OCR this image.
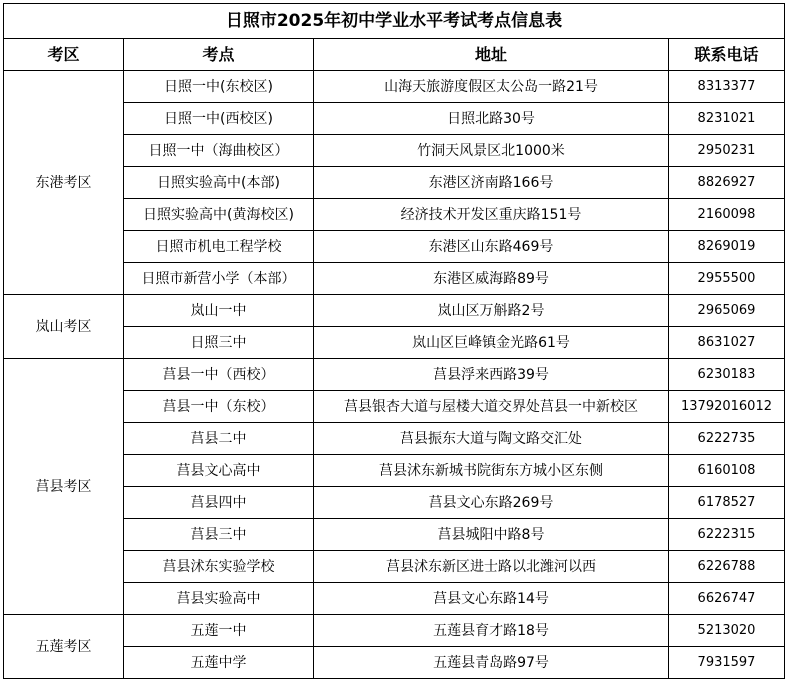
日照市2025年初中学业水平考试考点信息表			
考区	考点	地址	联系电话
东港考区	日照一中(东校区)	山海天旅游度假区太公岛一路21号	8313377
	日照一中(西校区)	日照北路30号	8231021
	日照一中（海曲校区）	竹洞天风景区北1000米	2950231
	日照实验高中(本部)	东港区济南路166号	8826927
	日照实验高中(黄海校区)	经济技术开发区重庆路151号	2160098
	日照市机电工程学校	东港区山东路469号	8269019
	日照市新营小学（本部）	东港区威海路89号	2955500
岚山考区	岚山一中	岚山区万斛路2号	2965069
	日照三中	岚山区巨峰镇金光路61号	8631027
莒县考区	莒县一中（西校）	莒县浮来西路39号	6230183
	莒县一中（东校）	莒县银杏大道与屋楼大道交界处莒县一中新校区	13792016012
	莒县二中	莒县振东大道与陶文路交汇处	6222735
	莒县文心高中	莒县沭东新城书院街东方城小区东侧	6160108
	莒县四中	莒县文心东路269号	6178527
	莒县三中	莒县城阳中路8号	6222315
	莒县沭东实验学校	莒县沭东新区进士路以北潍河以西	6226788
	莒县实验高中	莒县文心东路14号	6626747
五莲考区	五莲一中	五莲县育才路18号	5213020
	五莲中学	五莲县青岛路97号	7931597
